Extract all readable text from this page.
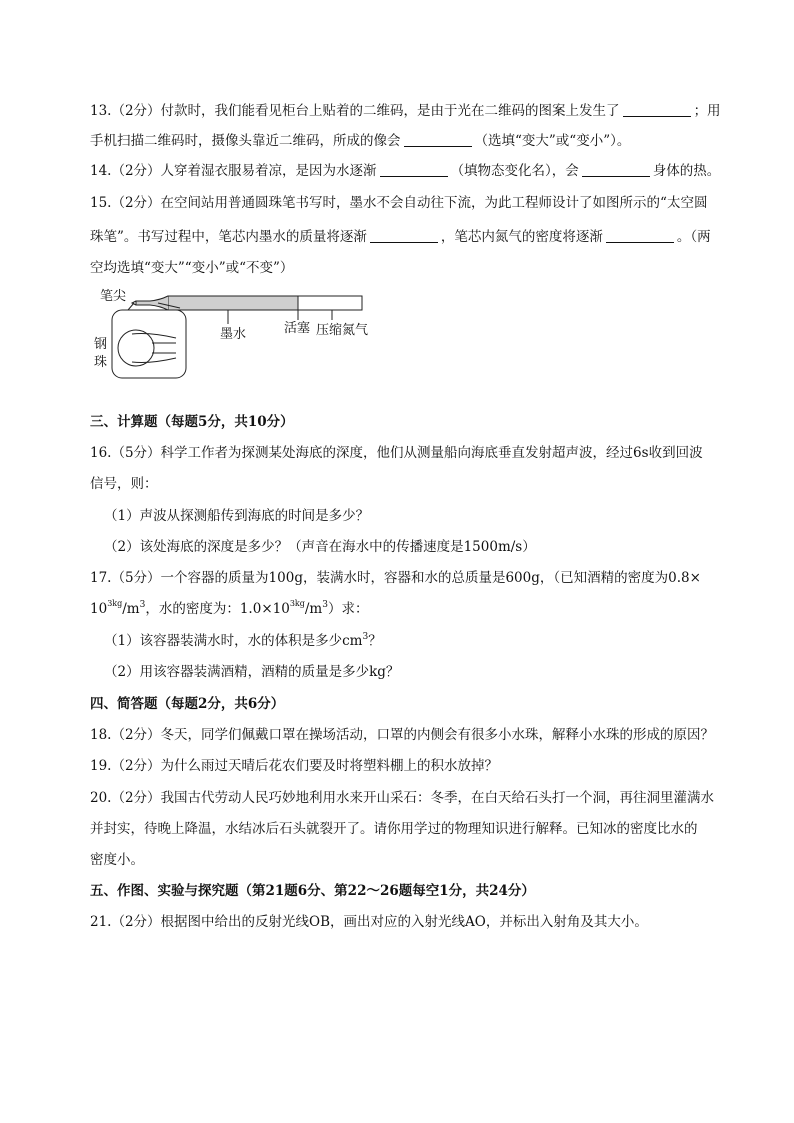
13.（2分）付款时，我们能看见柜台上贴着的二维码，是由于光在二维码的图案上发生了	；用
手机扫描二维码时，摄像头靠近二维码，所成的像会	（选填“变大”或“变小”）。
14.（2分）人穿着湿衣服易着凉，是因为水逐渐	（填物态变化名），会	身体的热。
15.（2分）在空间站用普通圆珠笔书写时，墨水不会自动往下流，为此工程师设计了如图所示的“太空圆
珠笔”。书写过程中，笔芯内墨水的质量将逐渐	，笔芯内氮气的密度将逐渐	。（两
空均选填“变大”“变小”或“不变”）
笔尖
墨水	活塞 压缩氮气
钢
珠
三、计算题（每题5分，共10分）
16.（5分）科学工作者为探测某处海底的深度，他们从测量船向海底垂直发射超声波，经过6s收到回波
信号，则：
（1）声波从探测船传到海底的时间是多少？
（2）该处海底的深度是多少？（声音在海水中的传播速度是1500m/s）
17.（5分）一个容器的质量为100g，装满水时，容器和水的总质量是600g，（已知酒精的密度为0.8×
$10^{3kg}/m^3$，水的密度为：$1.0\times 10^{3kg}/m^3$）求：
（1）该容器装满水时，水的体积是多少$cm^3$？
（2）用该容器装满酒精，酒精的质量是多少kg？
四、简答题（每题2分，共6分）
18.（2分）冬天，同学们佩戴口罩在操场活动，口罩的内侧会有很多小水珠，解释小水珠的形成的原因？
19.（2分）为什么雨过天晴后花农们要及时将塑料棚上的积水放掉？
20.（2分）我国古代劳动人民巧妙地利用水来开山采石：冬季，在白天给石头打一个洞，再往洞里灌满水
并封实，待晚上降温，水结冰后石头就裂开了。请你用学过的物理知识进行解释。已知冰的密度比水的
密度小。
五、作图、实验与探究题（第21题6分、第22～26题每空1分，共24分）
21.（2分）根据图中给出的反射光线OB，画出对应的入射光线AO，并标出入射角及其大小。
